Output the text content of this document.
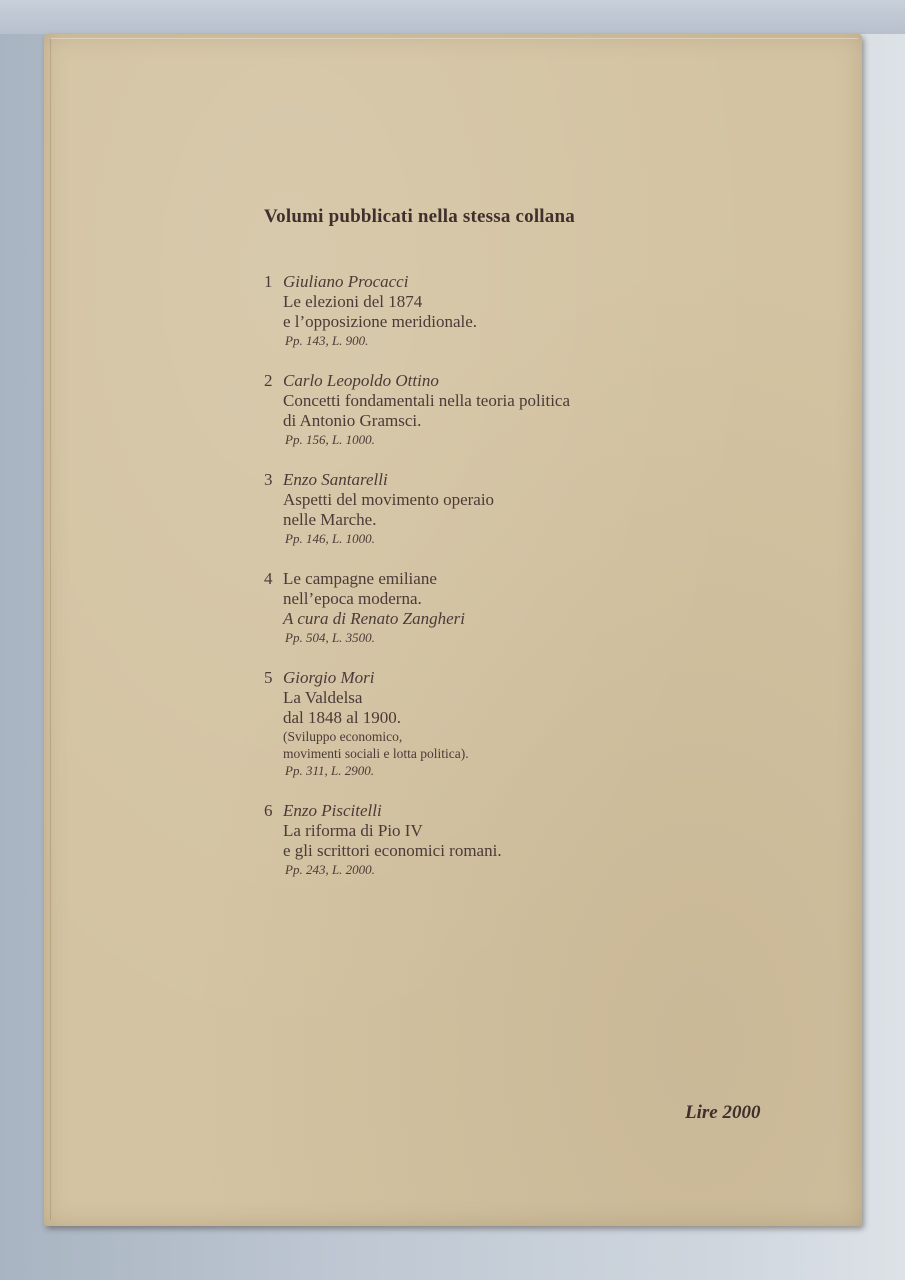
Volumi pubblicati nella stessa collana
1 Giuliano Procacci
Le elezioni del 1874
e l’opposizione meridionale.
Pp. 143, L. 900.
2 Carlo Leopoldo Ottino
Concetti fondamentali nella teoria politica
di Antonio Gramsci.
Pp. 156, L. 1000.
3 Enzo Santarelli
Aspetti del movimento operaio
nelle Marche.
Pp. 146, L. 1000.
4 Le campagne emiliane
nell’epoca moderna.
A cura di Renato Zangheri
Pp. 504, L. 3500.
5 Giorgio Mori
La Valdelsa
dal 1848 al 1900.
(Sviluppo economico,
movimenti sociali e lotta politica).
Pp. 311, L. 2900.
6 Enzo Piscitelli
La riforma di Pio IV
e gli scrittori economici romani.
Pp. 243, L. 2000.
Lire 2000
